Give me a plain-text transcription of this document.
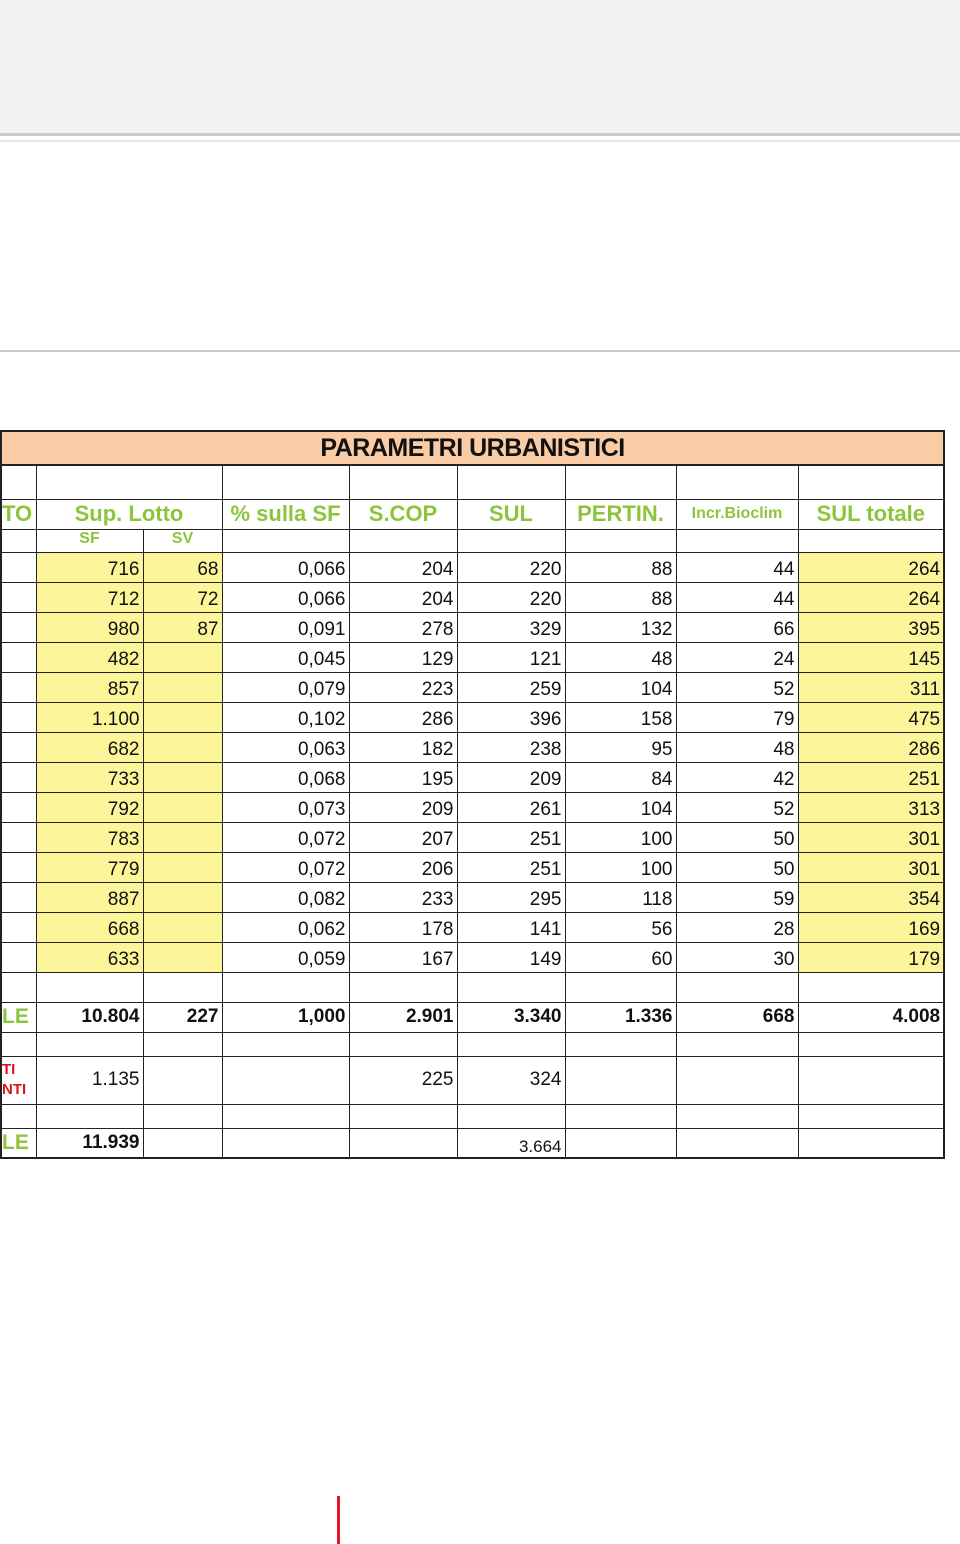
PARAMETRI URBANISTICI								

TO	Sup. Lotto		% sulla SF	S.COP	SUL	PERTIN.	Incr.Bioclim	SUL totale
	SF	SV						
	716	68	0,066	204	220	88	44	264
	712	72	0,066	204	220	88	44	264
	980	87	0,091	278	329	132	66	395
	482		0,045	129	121	48	24	145
	857		0,079	223	259	104	52	311
	1.100		0,102	286	396	158	79	475
	682		0,063	182	238	95	48	286
	733		0,068	195	209	84	42	251
	792		0,073	209	261	104	52	313
	783		0,072	207	251	100	50	301
	779		0,072	206	251	100	50	301
	887		0,082	233	295	118	59	354
	668		0,062	178	141	56	28	169
	633		0,059	167	149	60	30	179

LE	10.804	227	1,000	2.901	3.340	1.336	668	4.008

TI
NTI	1.135			225	324			

LE	11.939				3.664			
